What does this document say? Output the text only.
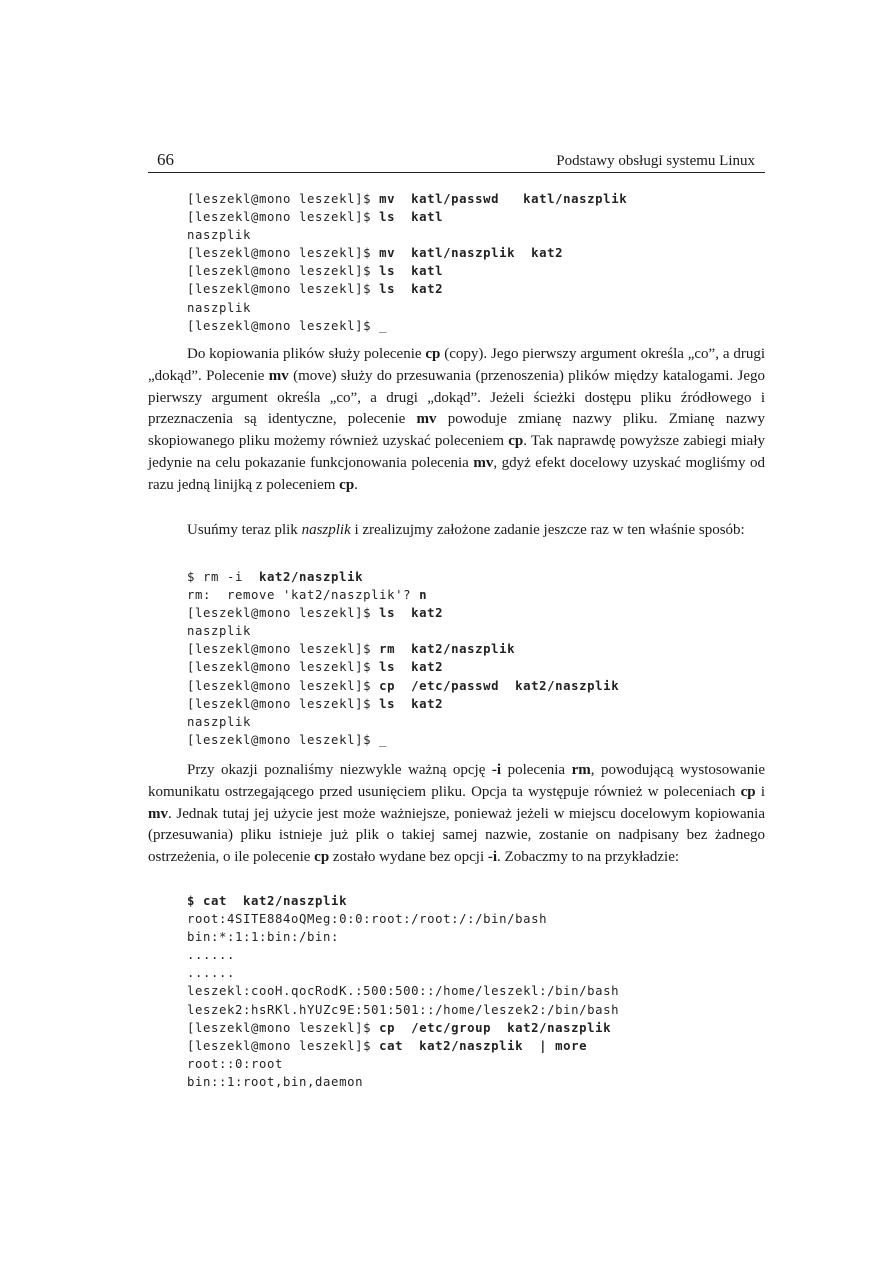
66	Podstawy obsługi systemu Linux
[leszekl@mono leszekl]$ mv  katl/passwd   katl/naszplik
[leszekl@mono leszekl]$ ls  katl
naszplik
[leszekl@mono leszekl]$ mv  katl/naszplik  kat2
[leszekl@mono leszekl]$ ls  katl
[leszekl@mono leszekl]$ ls  kat2
naszplik
[leszekl@mono leszekl]$ _

Do kopiowania plików służy polecenie cp (copy). Jego pierwszy argument określa „co”, a drugi „dokąd”. Polecenie mv (move) służy do przesuwania (przenoszenia) plików między katalogami. Jego pierwszy argument określa „co”, a drugi „dokąd”. Jeżeli ścieżki dostępu pliku źródłowego i przeznaczenia są identyczne, polecenie mv powoduje zmianę nazwy pliku. Zmianę nazwy skopiowanego pliku możemy również uzyskać poleceniem cp. Tak naprawdę powyższe zabiegi miały jedynie na celu pokazanie funkcjonowania polecenia mv, gdyż efekt docelowy uzyskać mogliśmy od razu jedną linijką z poleceniem cp.

Usuńmy teraz plik naszplik i zrealizujmy założone zadanie jeszcze raz w ten właśnie sposób:

$ rm -i  kat2/naszplik
rm:  remove 'kat2/naszplik'? n
[leszekl@mono leszekl]$ ls  kat2
naszplik
[leszekl@mono leszekl]$ rm  kat2/naszplik
[leszekl@mono leszekl]$ ls  kat2
[leszekl@mono leszekl]$ cp  /etc/passwd  kat2/naszplik
[leszekl@mono leszekl]$ ls  kat2
naszplik
[leszekl@mono leszekl]$ _

Przy okazji poznaliśmy niezwykle ważną opcję -i polecenia rm, powodującą wystosowanie komunikatu ostrzegającego przed usunięciem pliku. Opcja ta występuje również w poleceniach cp i mv. Jednak tutaj jej użycie jest może ważniejsze, ponieważ jeżeli w miejscu docelowym kopiowania (przesuwania) pliku istnieje już plik o takiej samej nazwie, zostanie on nadpisany bez żadnego ostrzeżenia, o ile polecenie cp zostało wydane bez opcji -i. Zobaczmy to na przykładzie:

$ cat  kat2/naszplik
root:4SITE884oQMeg:0:0:root:/root:/:/bin/bash
bin:*:1:1:bin:/bin:
......
......
leszekl:cooH.qocRodK.:500:500::/home/leszekl:/bin/bash
leszek2:hsRKl.hYUZc9E:501:501::/home/leszek2:/bin/bash
[leszekl@mono leszekl]$ cp  /etc/group  kat2/naszplik
[leszekl@mono leszekl]$ cat  kat2/naszplik  | more
root::0:root
bin::1:root,bin,daemon
